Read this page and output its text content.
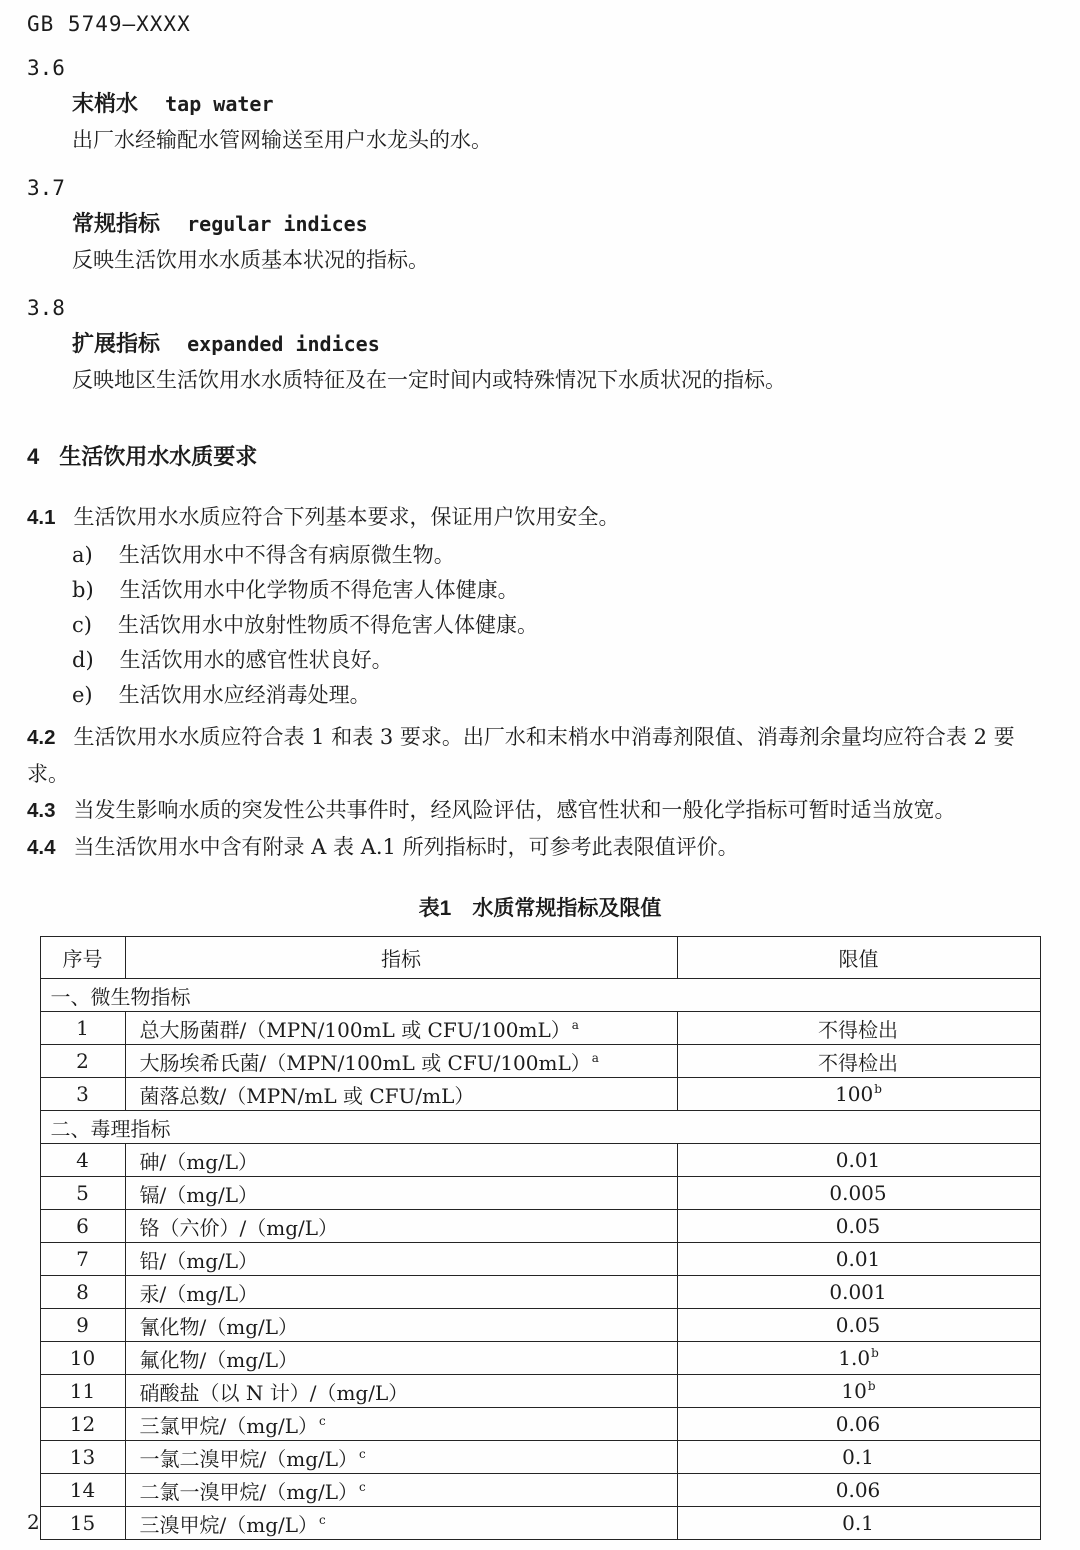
GB 5749—XXXX
3.6
末梢水 tap water
出厂水经输配水管网输送至用户水龙头的水。
3.7
常规指标 regular indices
反映生活饮用水水质基本状况的指标。
3.8
扩展指标 expanded indices
反映地区生活饮用水水质特征及在一定时间内或特殊情况下水质状况的指标。
4 生活饮用水水质要求

4.1 生活饮用水水质应符合下列基本要求，保证用户饮用安全。

a) 生活饮用水中不得含有病原微生物。
b) 生活饮用水中化学物质不得危害人体健康。
c) 生活饮用水中放射性物质不得危害人体健康。
d) 生活饮用水的感官性状良好。
e) 生活饮用水应经消毒处理。

4.2 生活饮用水水质应符合表 1 和表 3 要求。出厂水和末梢水中消毒剂限值、消毒剂余量均应符合表 2 要求。

4.3 当发生影响水质的突发性公共事件时，经风险评估，感官性状和一般化学指标可暂时适当放宽。

4.4 当生活饮用水中含有附录 A 表 A.1 所列指标时，可参考此表限值评价。

表1　水质常规指标及限值
序号	指标	限值
一、微生物指标		
1	总大肠菌群/（MPN/100mL 或 CFU/100mL）$^a$	不得检出
2	大肠埃希氏菌/（MPN/100mL 或 CFU/100mL）$^a$	不得检出
3	菌落总数/（MPN/mL 或 CFU/mL）	100$^b$
二、毒理指标		
4	砷/（mg/L）	0.01
5	镉/（mg/L）	0.005
6	铬（六价）/（mg/L）	0.05
7	铅/（mg/L）	0.01
8	汞/（mg/L）	0.001
9	氰化物/（mg/L）	0.05
10	氟化物/（mg/L）	1.0$^b$
11	硝酸盐（以 N 计）/（mg/L）	10$^b$
12	三氯甲烷/（mg/L）$^c$	0.06
13	一氯二溴甲烷/（mg/L）$^c$	0.1
14	二氯一溴甲烷/（mg/L）$^c$	0.06
15	三溴甲烷/（mg/L）$^c$	0.1
2
